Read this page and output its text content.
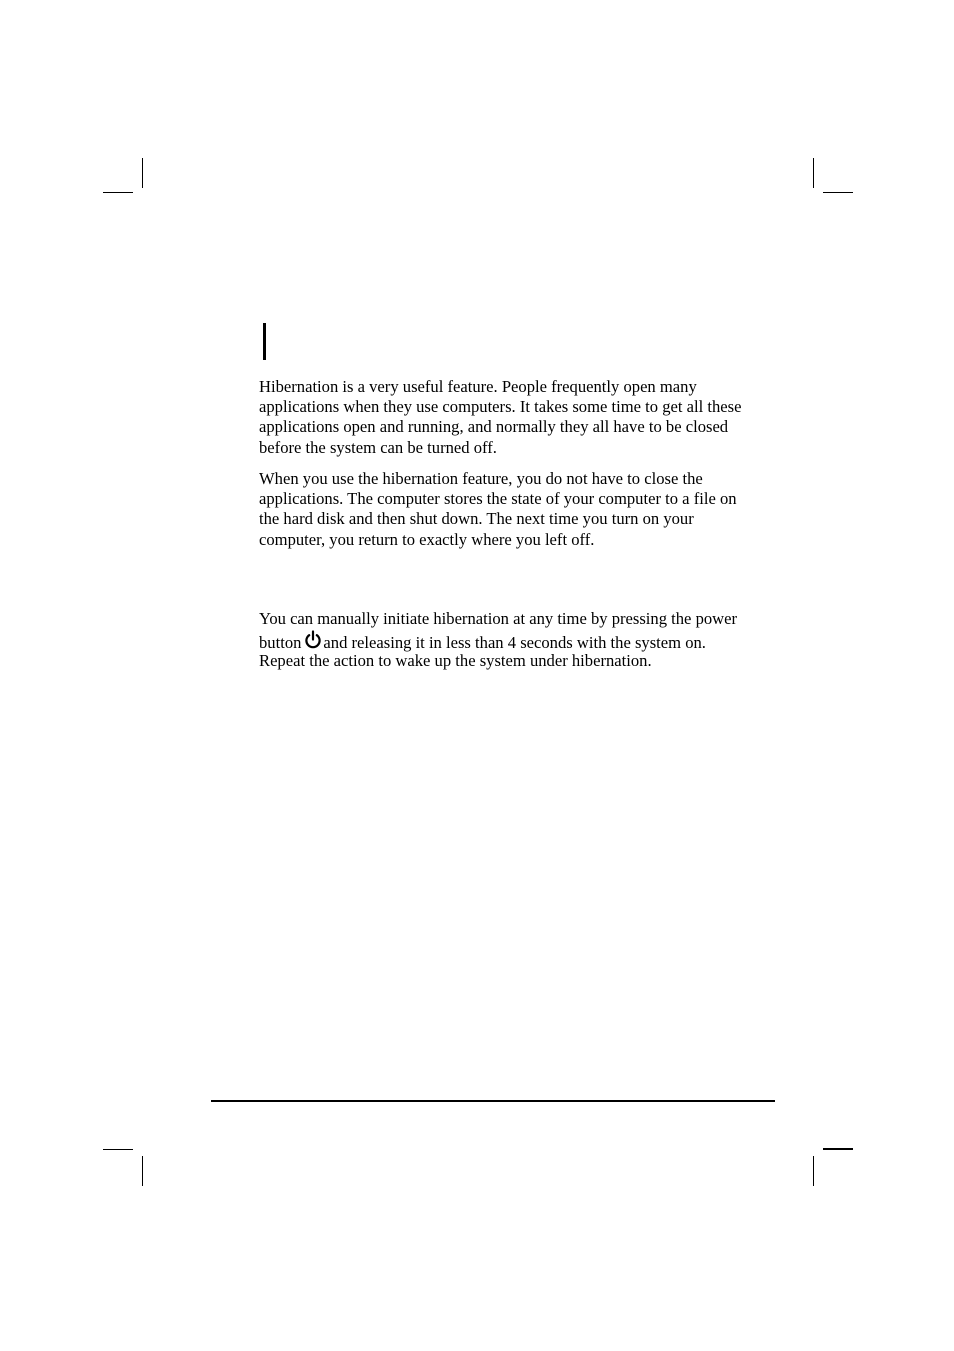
Hibernation is a very useful feature. People frequently open many
applications when they use computers. It takes some time to get all these
applications open and running, and normally they all have to be closed
before the system can be turned off.

When you use the hibernation feature, you do not have to close the
applications. The computer stores the state of your computer to a file on
the hard disk and then shut down. The next time you turn on your
computer, you return to exactly where you left off.

You can manually initiate hibernation at any time by pressing the power
button and releasing it in less than 4 seconds with the system on.
Repeat the action to wake up the system under hibernation.
